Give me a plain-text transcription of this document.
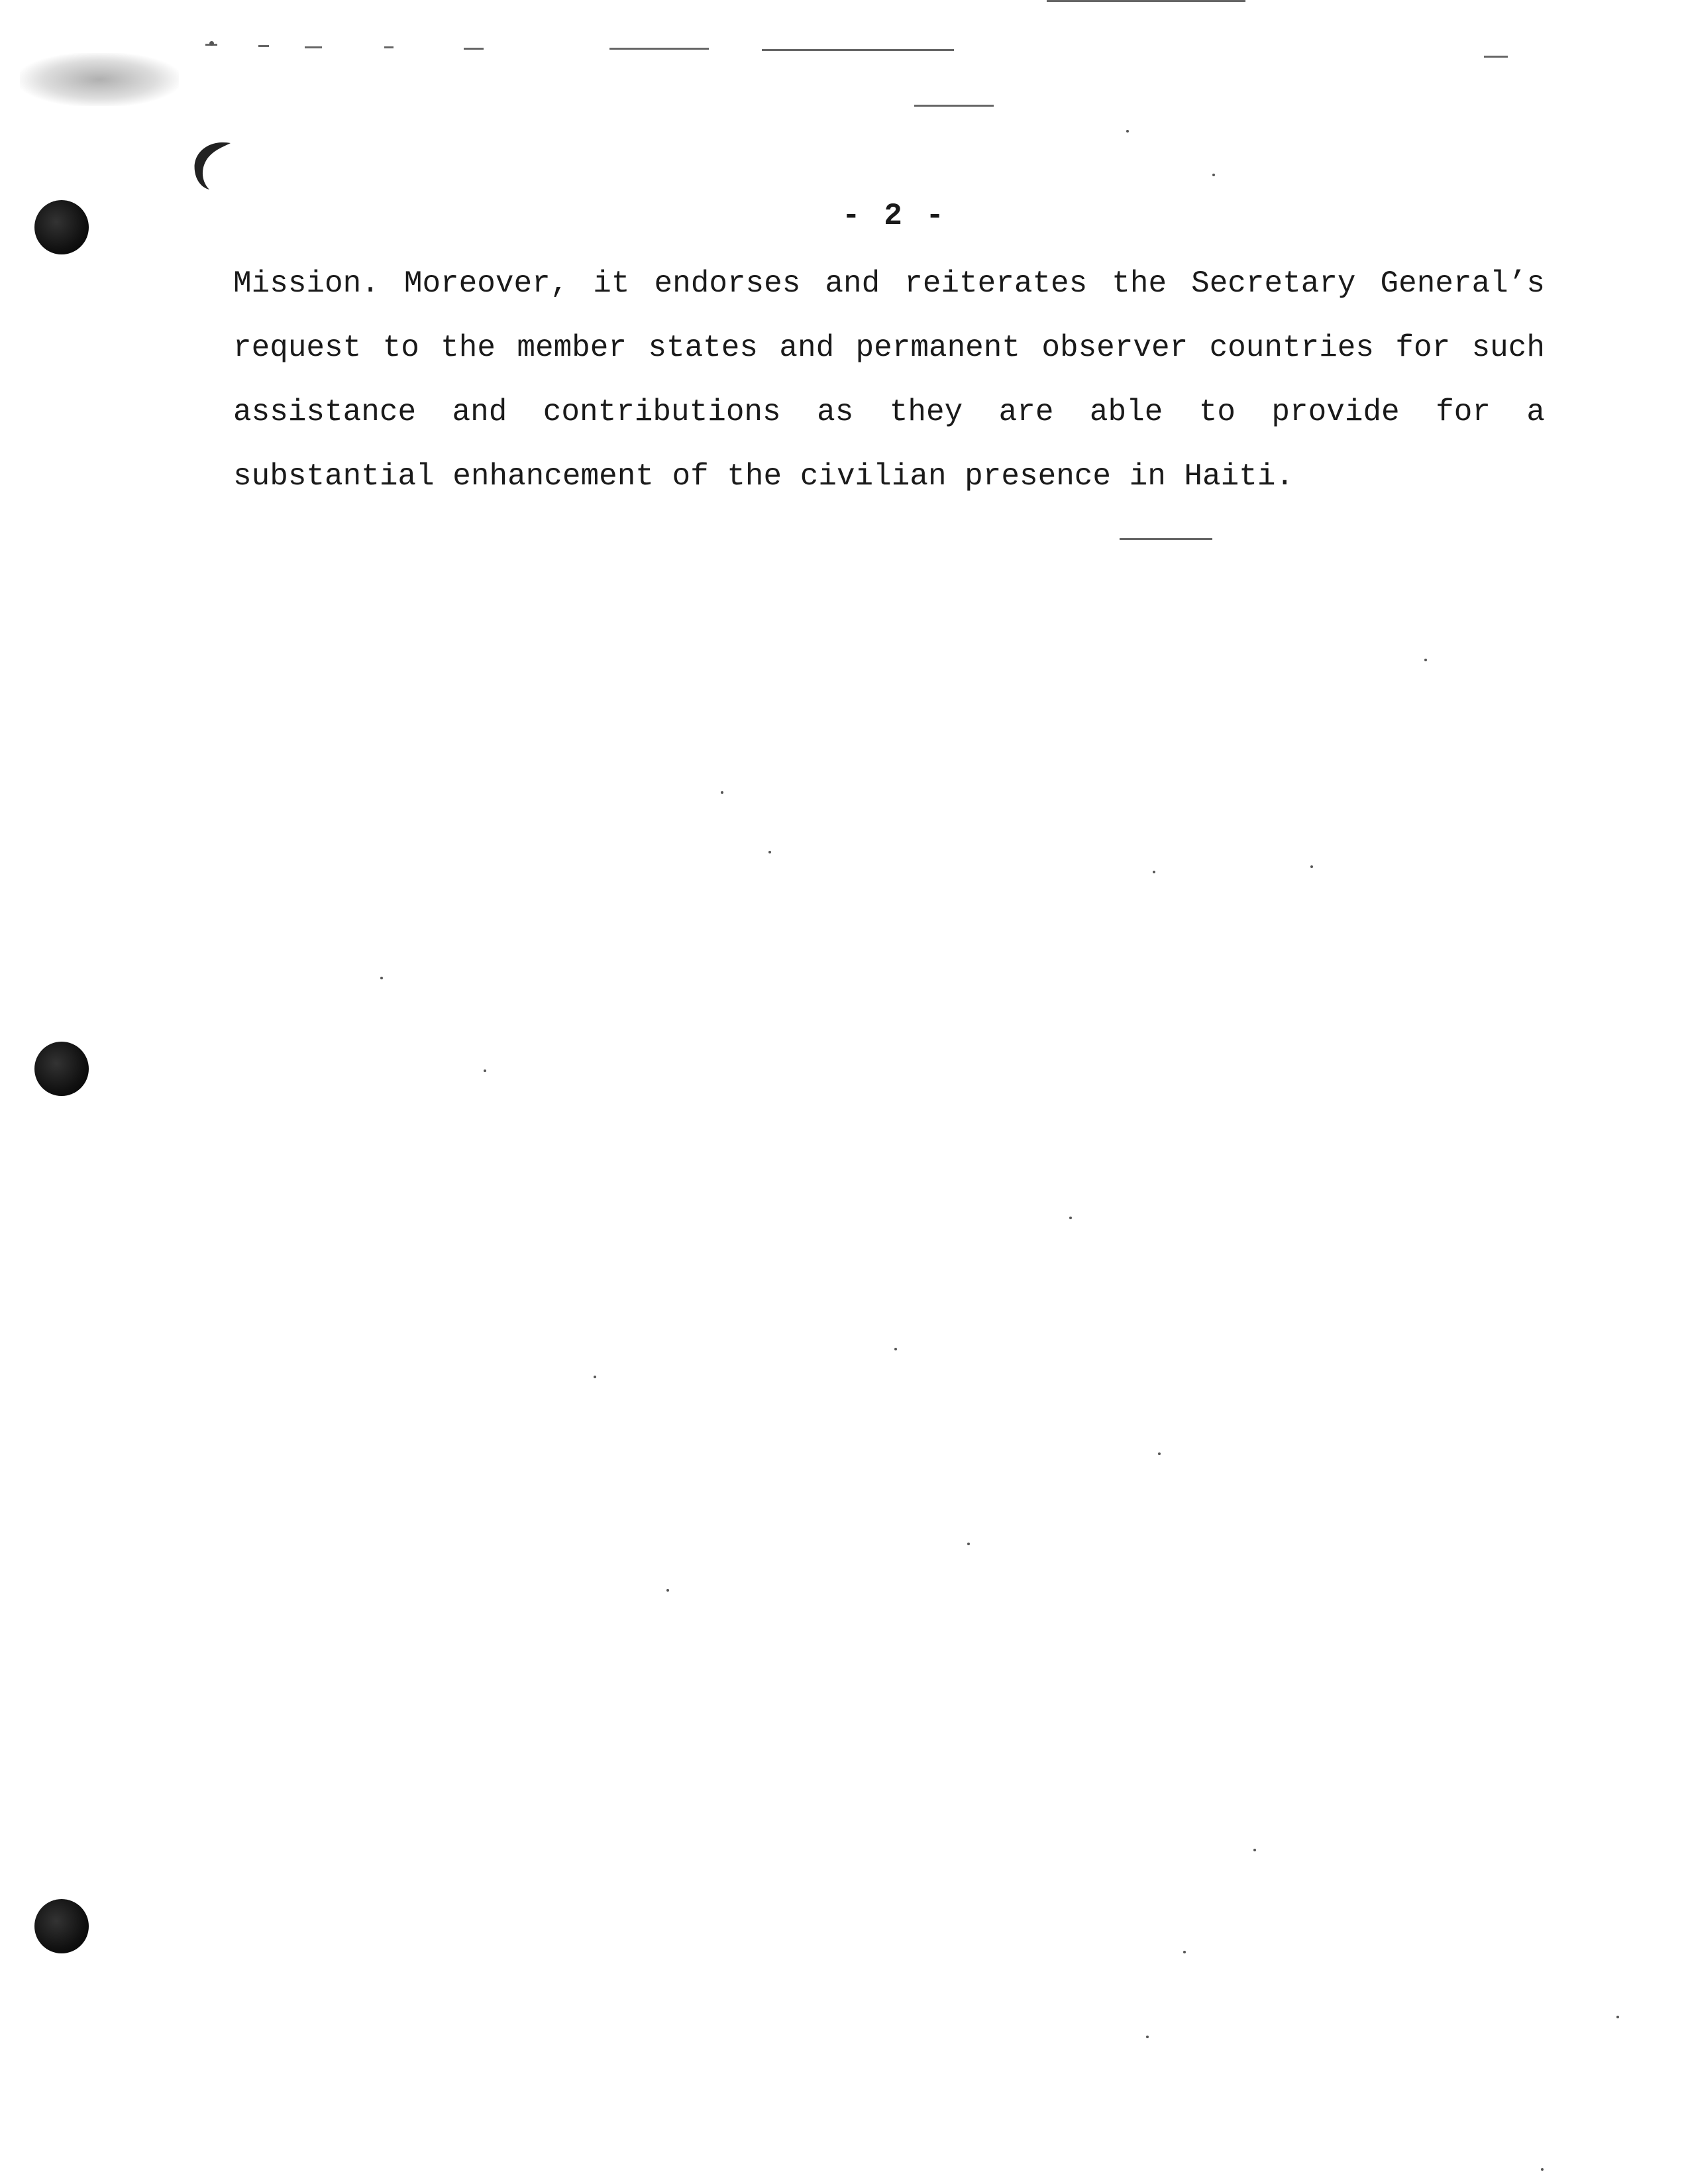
- 2 -
Mission. Moreover, it endorses and reiterates the Secretary General’s request to the member states and permanent observer countries for such assistance and contributions as they are able to provide for a substantial enhancement of the civilian presence in Haiti.
